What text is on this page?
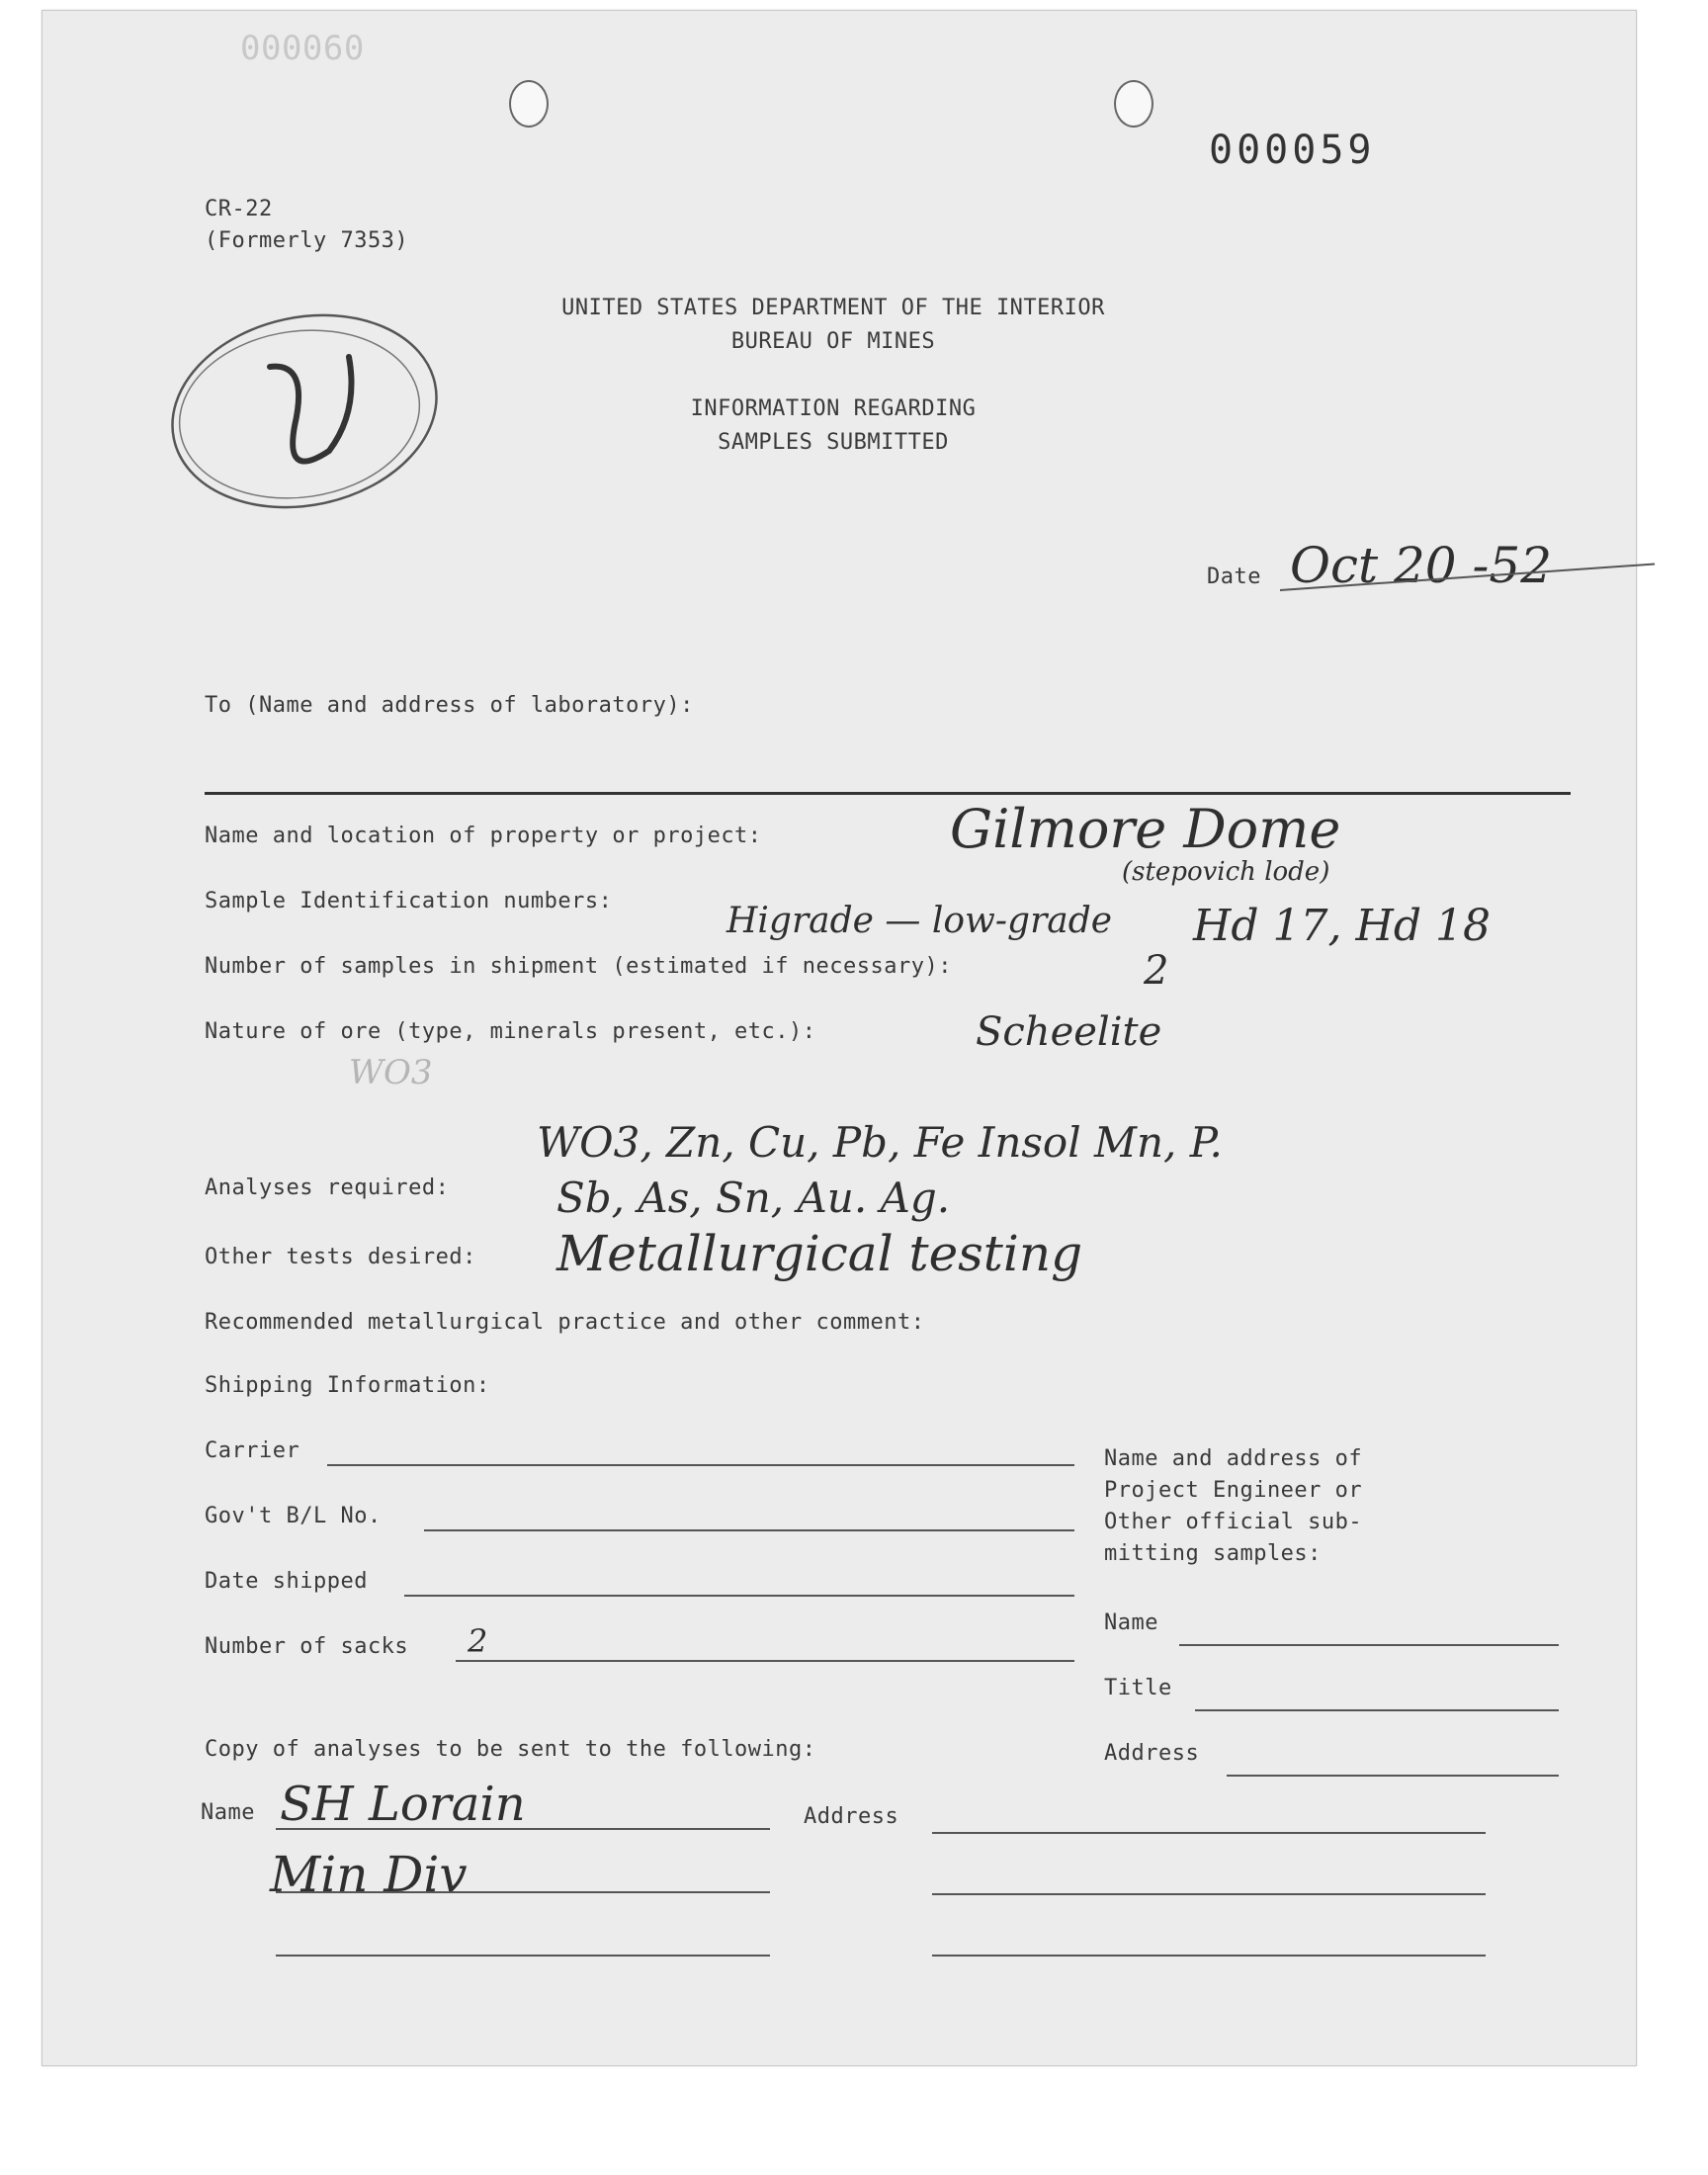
000060
000059
CR-22
(Formerly 7353)
UNITED STATES DEPARTMENT OF THE INTERIOR
BUREAU OF MINES
INFORMATION REGARDING
SAMPLES SUBMITTED
Date Oct 20 -52
To (Name and address of laboratory):
Name and location of property or project:	Gilmore Dome
(stepovich lode)
Sample Identification numbers:	Higrade — low-grade Hd 17, Hd 18
Number of samples in shipment (estimated if necessary):	2
Nature of ore (type, minerals present, etc.):	Scheelite
WO3
Analyses required:
WO3, Zn, Cu, Pb, Fe Insol Mn, P.
Sb, As, Sn, Au. Ag.
Other tests desired: Metallurgical testing
Recommended metallurgical practice and other comment:
Shipping Information:
Carrier
Gov't B/L No.
Date shipped
Number of sacks 2
Name and address of
Project Engineer or
Other official sub-
mitting samples:
Name
Title
Address
Copy of analyses to be sent to the following:
Name SH Lorain
Min Div
Address
